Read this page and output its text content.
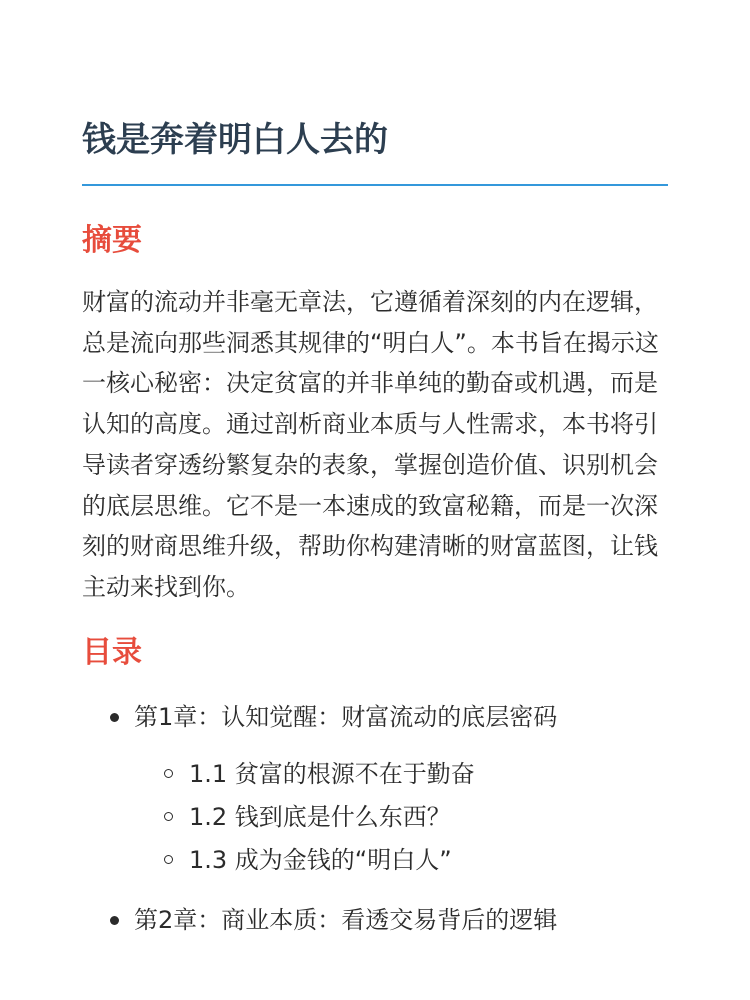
钱是奔着明白人去的
摘要

财富的流动并非毫无章法，它遵循着深刻的内在逻辑，总是流向那些洞悉其规律的“明白人”。本书旨在揭示这一核心秘密：决定贫富的并非单纯的勤奋或机遇，而是认知的高度。通过剖析商业本质与人性需求，本书将引导读者穿透纷繁复杂的表象，掌握创造价值、识别机会的底层思维。它不是一本速成的致富秘籍，而是一次深刻的财商思维升级，帮助你构建清晰的财富蓝图，让钱主动来找到你。

目录
第1章：认知觉醒：财富流动的底层密码
1.1 贫富的根源不在于勤奋
1.2 钱到底是什么东西？
1.3 成为金钱的“明白人”
第2章：商业本质：看透交易背后的逻辑
